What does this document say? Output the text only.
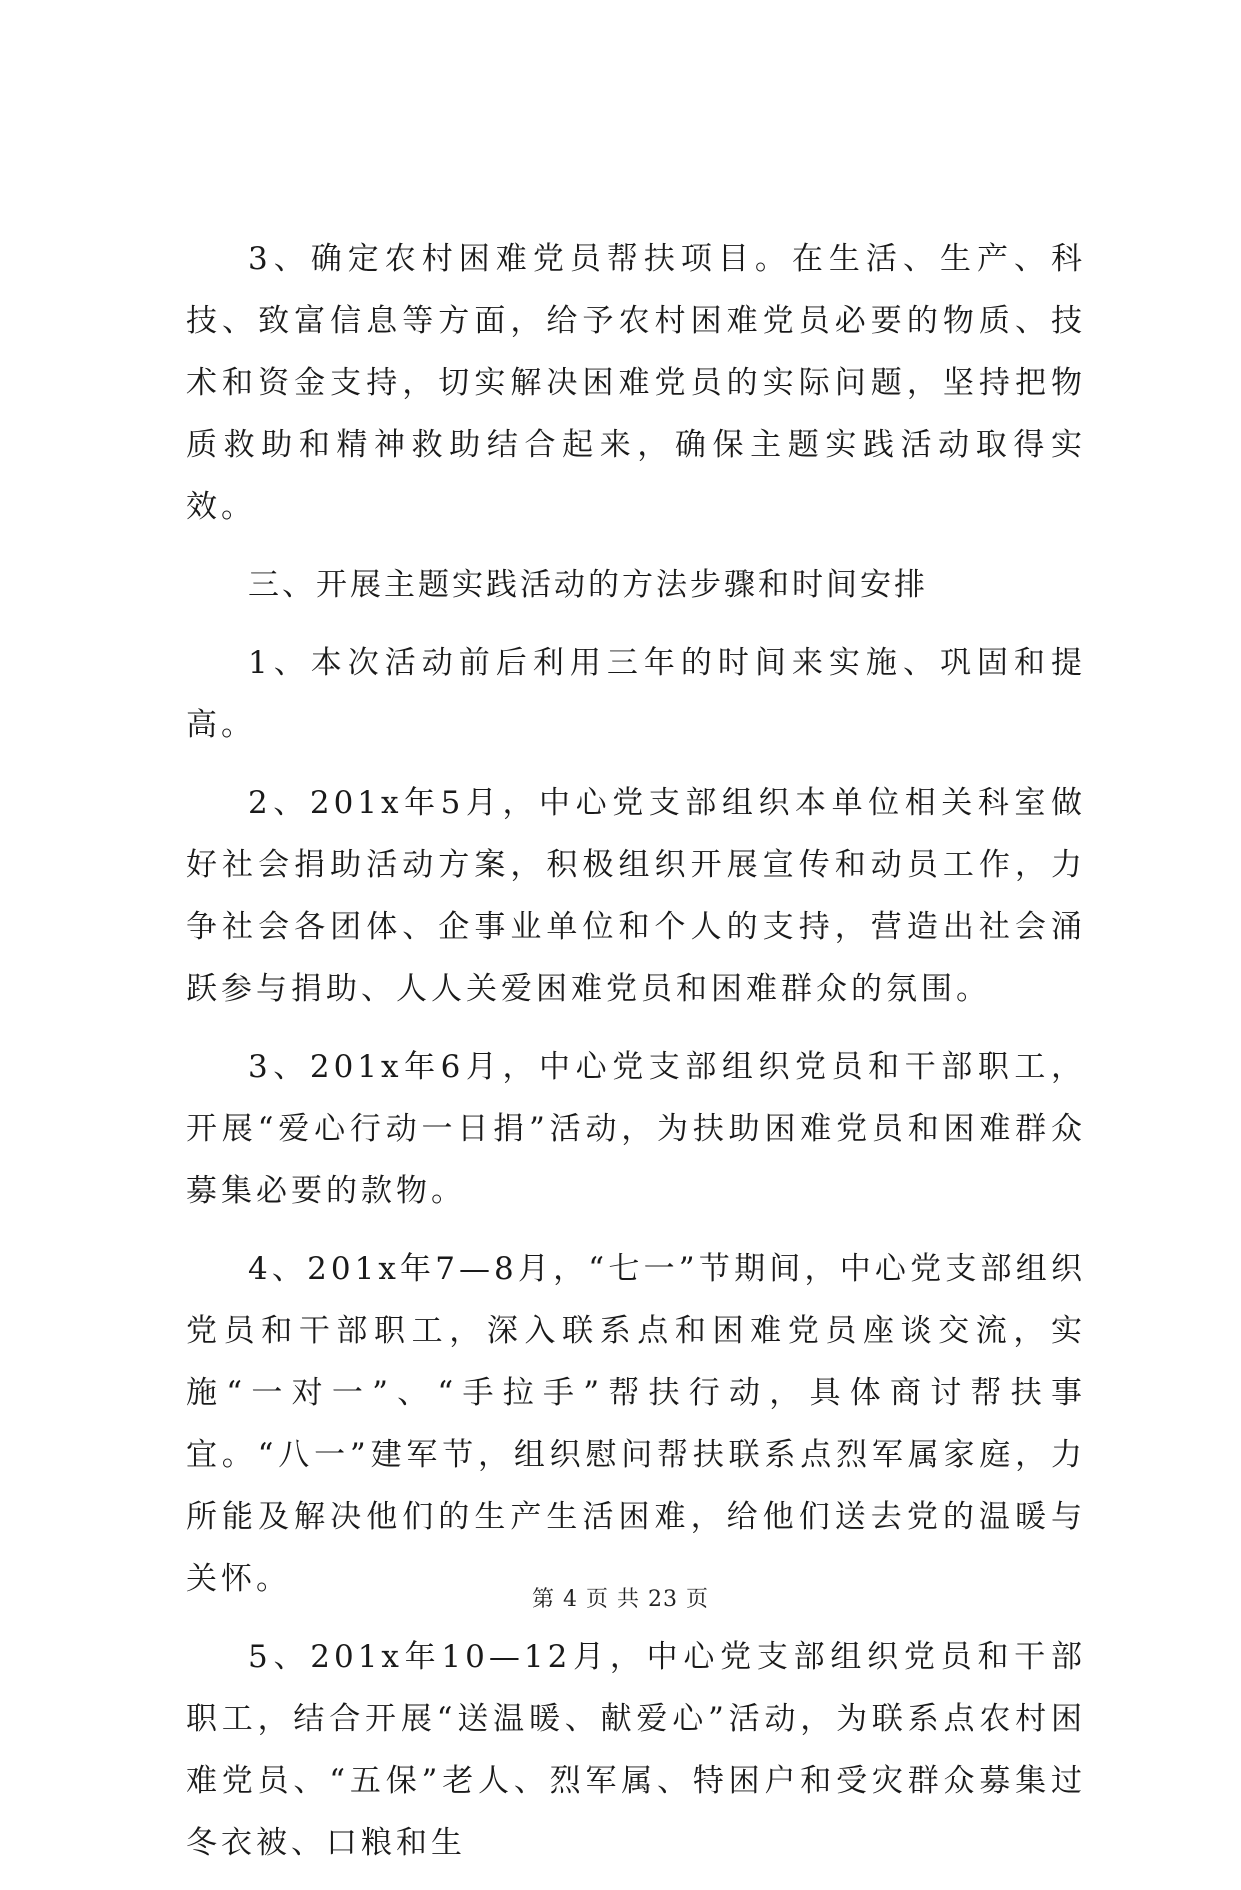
3、确定农村困难党员帮扶项目。在生活、生产、科技、致富信息等方面，给予农村困难党员必要的物质、技术和资金支持，切实解决困难党员的实际问题，坚持把物质救助和精神救助结合起来，确保主题实践活动取得实效。

三、开展主题实践活动的方法步骤和时间安排

1、本次活动前后利用三年的时间来实施、巩固和提高。

2、201x年5月，中心党支部组织本单位相关科室做好社会捐助活动方案，积极组织开展宣传和动员工作，力争社会各团体、企事业单位和个人的支持，营造出社会涌跃参与捐助、人人关爱困难党员和困难群众的氛围。

3、201x年6月，中心党支部组织党员和干部职工，开展“爱心行动一日捐”活动，为扶助困难党员和困难群众募集必要的款物。

4、201x年7—8月，“七一”节期间，中心党支部组织党员和干部职工，深入联系点和困难党员座谈交流，实施“一对一”、“手拉手”帮扶行动，具体商讨帮扶事宜。“八一”建军节，组织慰问帮扶联系点烈军属家庭，力所能及解决他们的生产生活困难，给他们送去党的温暖与关怀。

5、201x年10—12月，中心党支部组织党员和干部职工，结合开展“送温暖、献爱心”活动，为联系点农村困难党员、“五保”老人、烈军属、特困户和受灾群众募集过冬衣被、口粮和生

第 4 页 共 23 页
